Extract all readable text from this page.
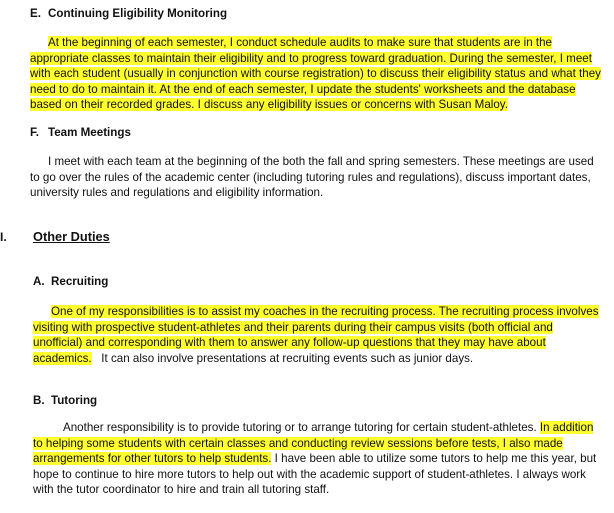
E. Continuing Eligibility Monitoring
At the beginning of each semester, I conduct schedule audits to make sure that students are in the appropriate classes to maintain their eligibility and to progress toward graduation. During the semester, I meet with each student (usually in conjunction with course registration) to discuss their eligibility status and what they need to do to maintain it. At the end of each semester, I update the students' worksheets and the database based on their recorded grades. I discuss any eligibility issues or concerns with Susan Maloy.
F. Team Meetings
I meet with each team at the beginning of the both the fall and spring semesters. These meetings are used to go over the rules of the academic center (including tutoring rules and regulations), discuss important dates, university rules and regulations and eligibility information.
I. Other Duties
A. Recruiting
One of my responsibilities is to assist my coaches in the recruiting process. The recruiting process involves visiting with prospective student-athletes and their parents during their campus visits (both official and unofficial) and corresponding with them to answer any follow-up questions that they may have about academics.   It can also involve presentations at recruiting events such as junior days.
B. Tutoring
Another responsibility is to provide tutoring or to arrange tutoring for certain student-athletes. In addition to helping some students with certain classes and conducting review sessions before tests, I also made arrangements for other tutors to help students. I have been able to utilize some tutors to help me this year, but hope to continue to hire more tutors to help out with the academic support of student-athletes. I always work with the tutor coordinator to hire and train all tutoring staff.
